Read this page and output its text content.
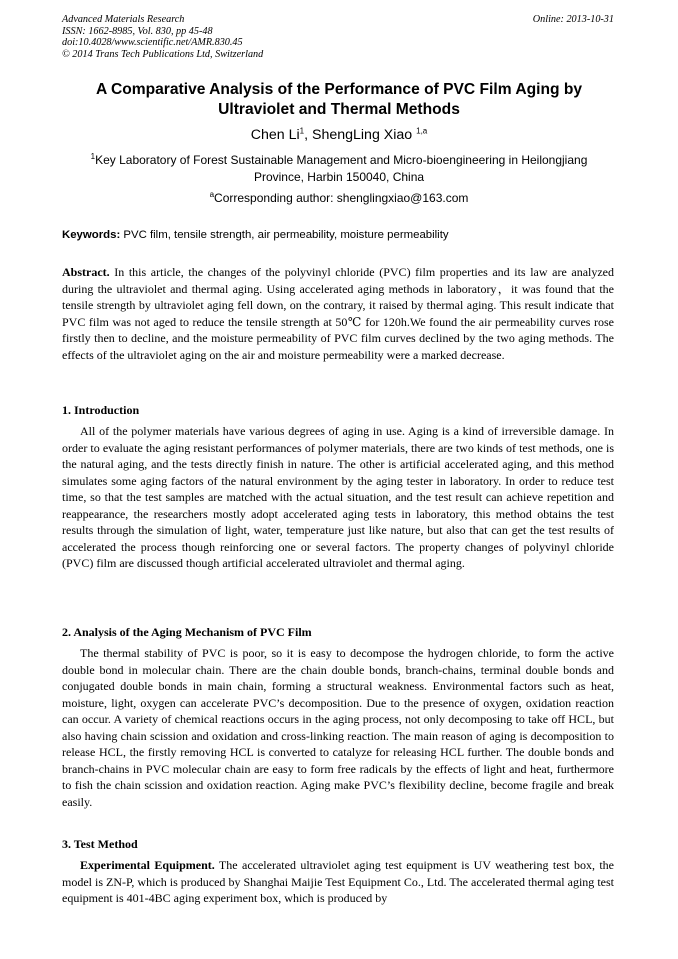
Advanced Materials Research
ISSN: 1662-8985, Vol. 830, pp 45-48
doi:10.4028/www.scientific.net/AMR.830.45
© 2014 Trans Tech Publications Ltd, Switzerland
Online: 2013-10-31
A Comparative Analysis of the Performance of PVC Film Aging by Ultraviolet and Thermal Methods
Chen Li$^1$, ShengLing Xiao $^{1,a}$
$^1$Key Laboratory of Forest Sustainable Management and Micro-bioengineering in Heilongjiang Province, Harbin 150040, China
$^a$Corresponding author: shenglingxiao@163.com
Keywords: PVC film, tensile strength, air permeability, moisture permeability
Abstract. In this article, the changes of the polyvinyl chloride (PVC) film properties and its law are analyzed during the ultraviolet and thermal aging. Using accelerated aging methods in laboratory，it was found that the tensile strength by ultraviolet aging fell down, on the contrary, it raised by thermal aging. This result indicate that PVC film was not aged to reduce the tensile strength at 50℃ for 120h.We found the air permeability curves rose firstly then to decline, and the moisture permeability of PVC film curves declined by the two aging methods. The effects of the ultraviolet aging on the air and moisture permeability were a marked decrease.
1. Introduction
All of the polymer materials have various degrees of aging in use. Aging is a kind of irreversible damage. In order to evaluate the aging resistant performances of polymer materials, there are two kinds of test methods, one is the natural aging, and the tests directly finish in nature. The other is artificial accelerated aging, and this method simulates some aging factors of the natural environment by the aging tester in laboratory. In order to reduce test time, so that the test samples are matched with the actual situation, and the test result can achieve repetition and reappearance, the researchers mostly adopt accelerated aging tests in laboratory, this method obtains the test results through the simulation of light, water, temperature just like nature, but also that can get the test results of accelerated the process though reinforcing one or several factors. The property changes of polyvinyl chloride (PVC) film are discussed though artificial accelerated ultraviolet and thermal aging.
2. Analysis of the Aging Mechanism of PVC Film
The thermal stability of PVC is poor, so it is easy to decompose the hydrogen chloride, to form the active double bond in molecular chain. There are the chain double bonds, branch-chains, terminal double bonds and conjugated double bonds in main chain, forming a structural weakness. Environmental factors such as heat, moisture, light, oxygen can accelerate PVC’s decomposition. Due to the presence of oxygen, oxidation reaction can occur. A variety of chemical reactions occurs in the aging process, not only decomposing to take off HCL, but also having chain scission and oxidation and cross-linking reaction. The main reason of aging is decomposition to release HCL, the firstly removing HCL is converted to catalyze for releasing HCL further. The double bonds and branch-chains in PVC molecular chain are easy to form free radicals by the effects of light and heat, furthermore to fish the chain scission and oxidation reaction. Aging make PVC’s flexibility decline, become fragile and break easily.
3. Test Method
Experimental Equipment. The accelerated ultraviolet aging test equipment is UV weathering test box, the model is ZN-P, which is produced by Shanghai Maijie Test Equipment Co., Ltd. The accelerated thermal aging test equipment is 401-4BC aging experiment box, which is produced by
